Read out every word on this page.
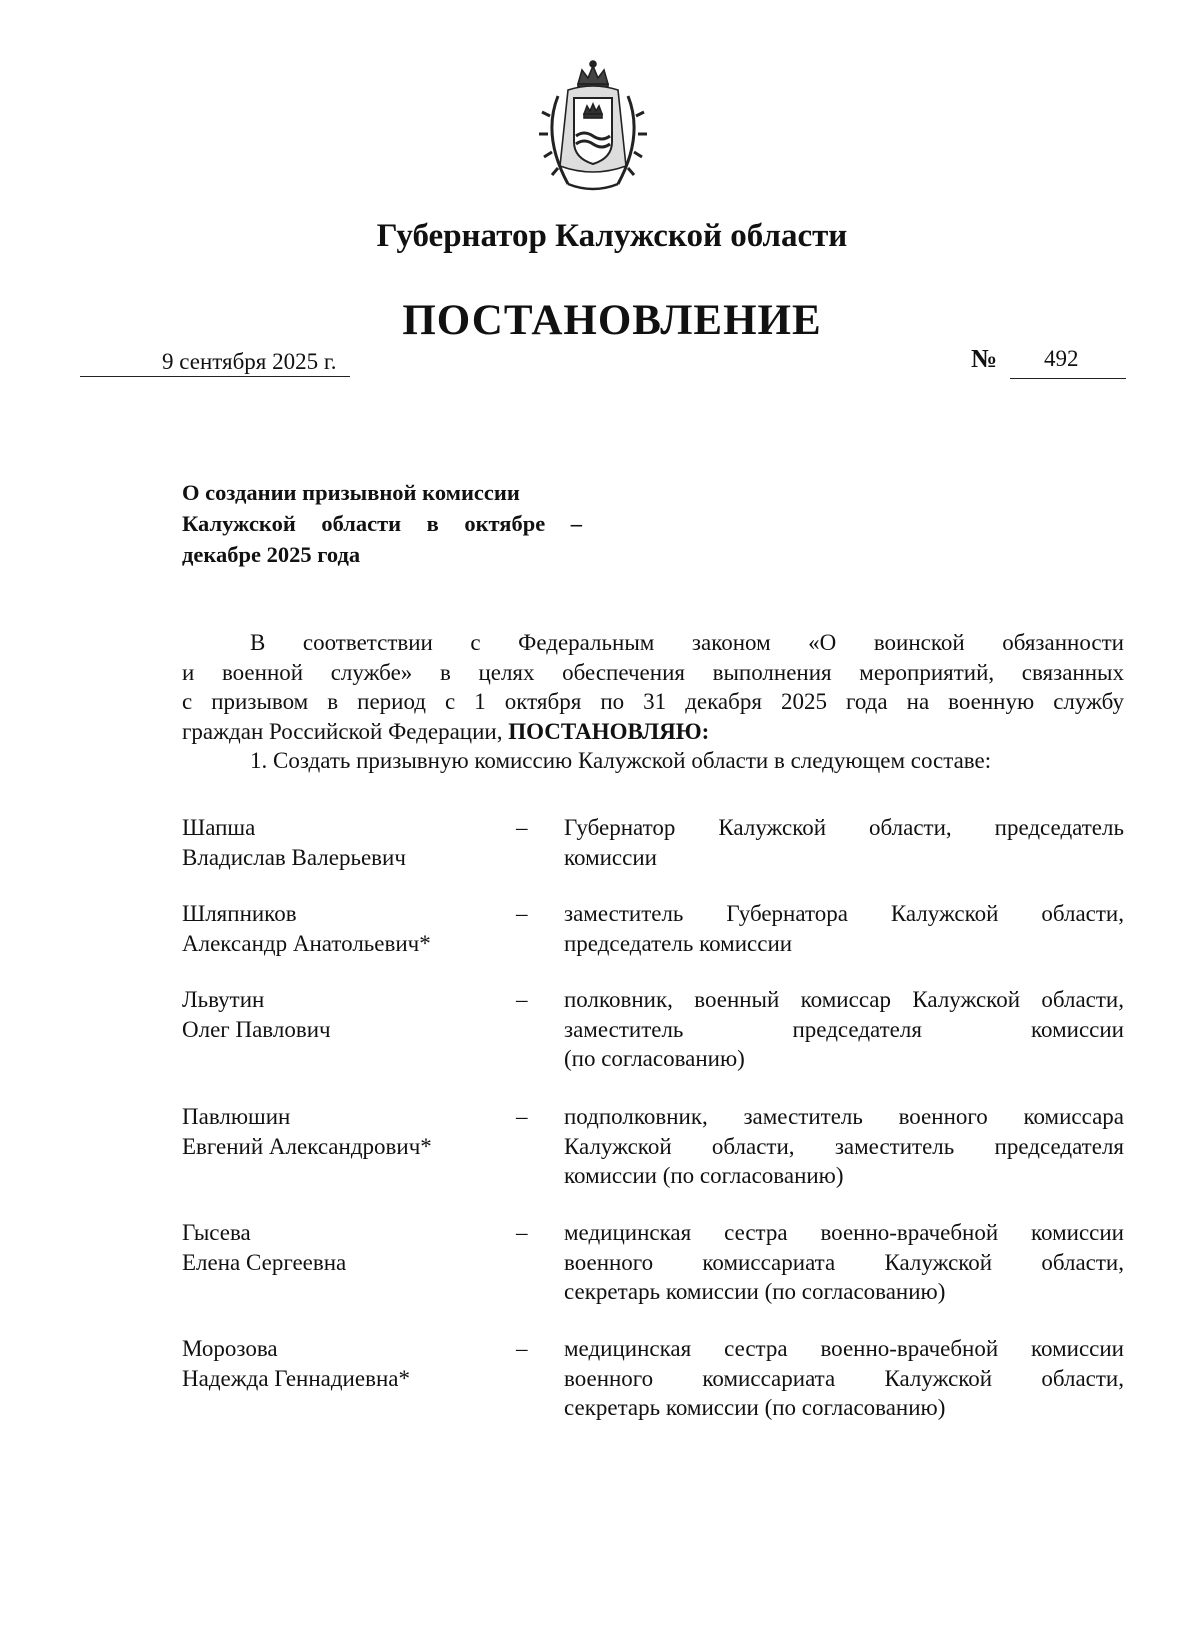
Губернатор Калужской области
ПОСТАНОВЛЕНИЕ
9 сентября 2025 г.	№ 492
О создании призывной комиссии
Калужской области в октябре –
декабре 2025 года
В соответствии с Федеральным законом «О воинской обязанности
и военной службе» в целях обеспечения выполнения мероприятий, связанных
с призывом в период с 1 октября по 31 декабря 2025 года на военную службу
граждан Российской Федерации, ПОСТАНОВЛЯЮ:
1. Создать призывную комиссию Калужской области в следующем составе:
Шапша
Владислав Валерьевич
– Губернатор Калужской области, председатель
комиссии
Шляпников
Александр Анатольевич*
– заместитель Губернатора Калужской области,
председатель комиссии
Львутин
Олег Павлович
– полковник, военный комиссар Калужской области,
заместитель председателя комиссии
(по согласованию)
Павлюшин
Евгений Александрович*
– подполковник, заместитель военного комиссара
Калужской области, заместитель председателя
комиссии (по согласованию)
Гысева
Елена Сергеевна
– медицинская сестра военно-врачебной комиссии
военного комиссариата Калужской области,
секретарь комиссии (по согласованию)
Морозова
Надежда Геннадиевна*
– медицинская сестра военно-врачебной комиссии
военного комиссариата Калужской области,
секретарь комиссии (по согласованию)
